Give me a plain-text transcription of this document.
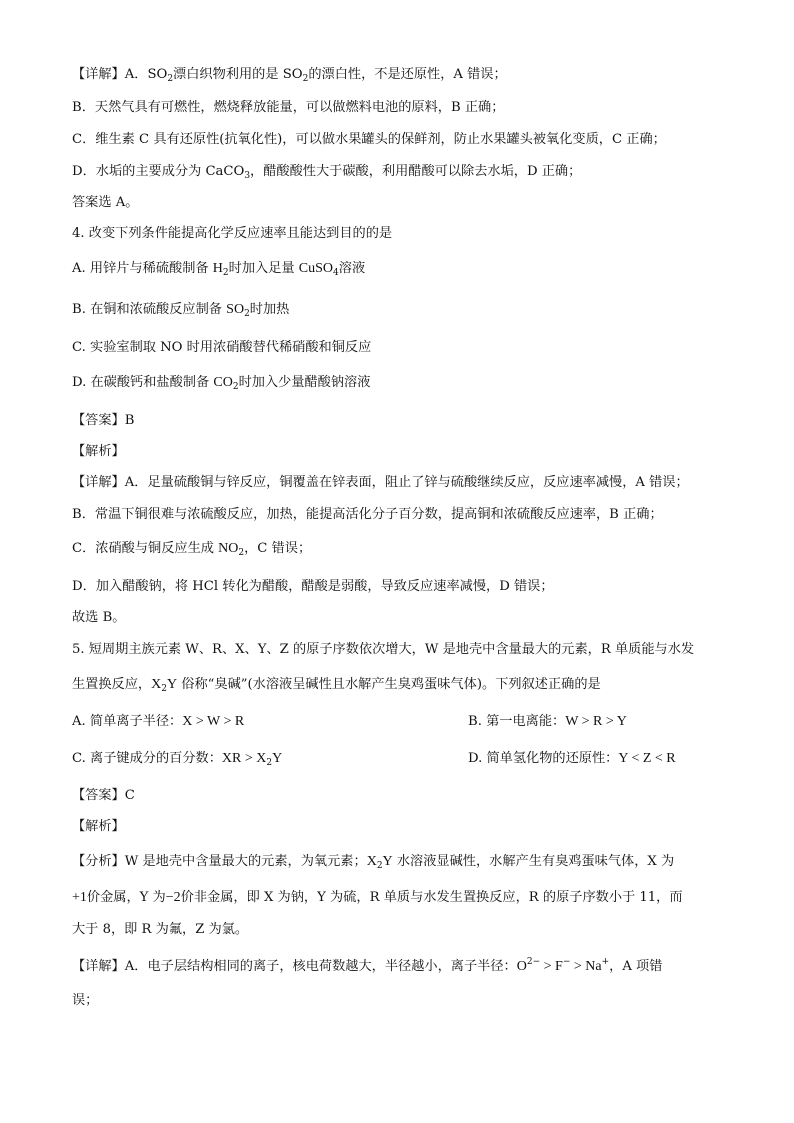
【详解】A．$SO_2$漂白织物利用的是 $SO_2$的漂白性，不是还原性，A 错误；
B．天然气具有可燃性，燃烧释放能量，可以做燃料电池的原料，B 正确；
C．维生素 C 具有还原性(抗氧化性)，可以做水果罐头的保鲜剂，防止水果罐头被氧化变质，C 正确；
D．水垢的主要成分为 CaCO$_3$，醋酸酸性大于碳酸，利用醋酸可以除去水垢，D 正确；
答案选 A。
4. 改变下列条件能提高化学反应速率且能达到目的的是
A. 用锌片与稀硫酸制备 $H_2$时加入足量 CuSO$_4$溶液
B. 在铜和浓硫酸反应制备 $SO_2$时加热
C. 实验室制取 NO 时用浓硝酸替代稀硝酸和铜反应
D. 在碳酸钙和盐酸制备 $CO_2$时加入少量醋酸钠溶液
【答案】B
【解析】
【详解】A．足量硫酸铜与锌反应，铜覆盖在锌表面，阻止了锌与硫酸继续反应，反应速率减慢，A 错误；
B．常温下铜很难与浓硫酸反应，加热，能提高活化分子百分数，提高铜和浓硫酸反应速率，B 正确；
C．浓硝酸与铜反应生成 $NO_2$，C 错误；
D．加入醋酸钠，将 HCl 转化为醋酸，醋酸是弱酸，导致反应速率减慢，D 错误；
故选 B。
5. 短周期主族元素 W、R、X、Y、Z 的原子序数依次增大，W 是地壳中含量最大的元素，R 单质能与水发
生置换反应，$X_2Y$ 俗称“臭碱”(水溶液呈碱性且水解产生臭鸡蛋味气体)。下列叙述正确的是
A. 简单离子半径：X > W > R	B. 第一电离能：W > R > Y
C. 离子键成分的百分数：XR > $X_2Y$	D. 简单氢化物的还原性：Y < Z < R
【答案】C
【解析】
【分析】W 是地壳中含量最大的元素，为氧元素；$X_2Y$ 水溶液显碱性，水解产生有臭鸡蛋味气体，X 为
+1价金属，Y 为−2价非金属，即 X 为钠，Y 为硫，R 单质与水发生置换反应，R 的原子序数小于 11，而
大于 8，即 R 为氟，Z 为氯。
【详解】A．电子层结构相同的离子，核电荷数越大，半径越小，离子半径：$O^{2-} > F^- > Na^+$，A 项错
误；
